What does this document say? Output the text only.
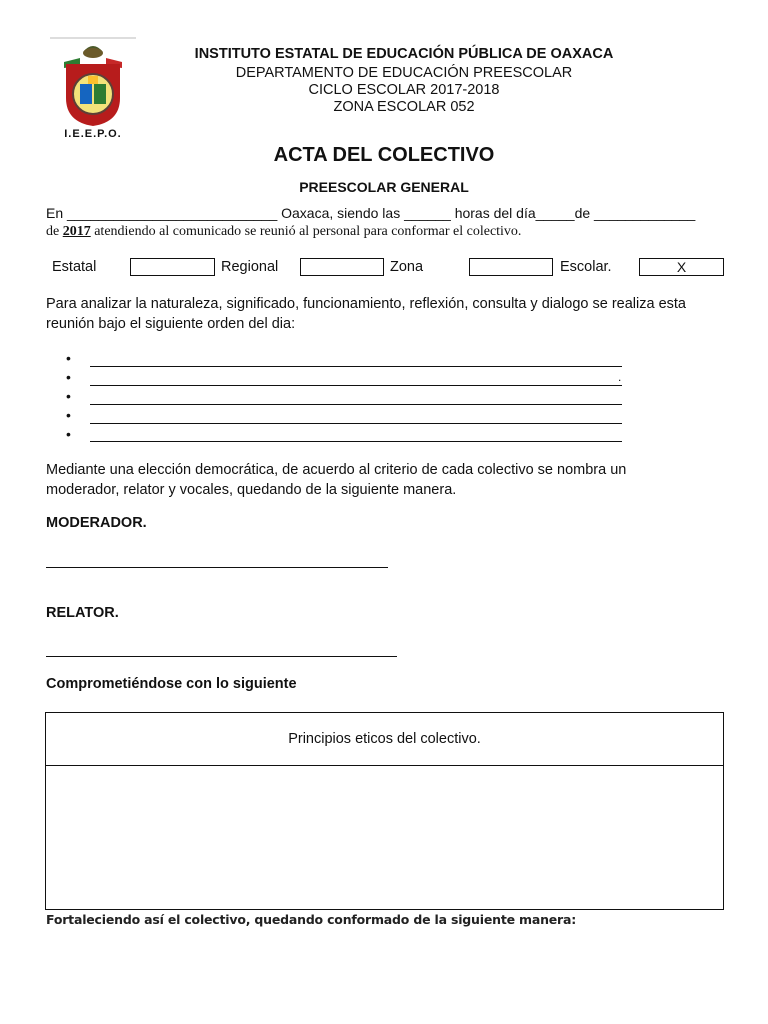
I.E.E.P.O.
INSTITUTO ESTATAL DE EDUCACIÓN PÚBLICA DE OAXACA
DEPARTAMENTO DE EDUCACIÓN PREESCOLAR
CICLO ESCOLAR 2017-2018
ZONA ESCOLAR 052
ACTA DEL COLECTIVO
PREESCOLAR GENERAL
En ___________________________ Oaxaca, siendo las ______ horas del día_____de _____________
de 2017 atendiendo al comunicado se reunió al personal para conformar el colectivo.
Estatal	Regional	Zona	Escolar.	X
Para analizar la naturaleza, significado, funcionamiento, reflexión, consulta y dialogo se realiza esta reunión bajo el siguiente orden del dia:
•
•	.
•
•
•
Mediante una elección democrática, de acuerdo al criterio de cada colectivo se nombra un moderador, relator y vocales, quedando de la siguiente manera.
MODERADOR.
RELATOR.
Comprometiéndose con lo siguiente
Principios eticos del colectivo.
Fortaleciendo así el colectivo, quedando conformado de la siguiente manera:
